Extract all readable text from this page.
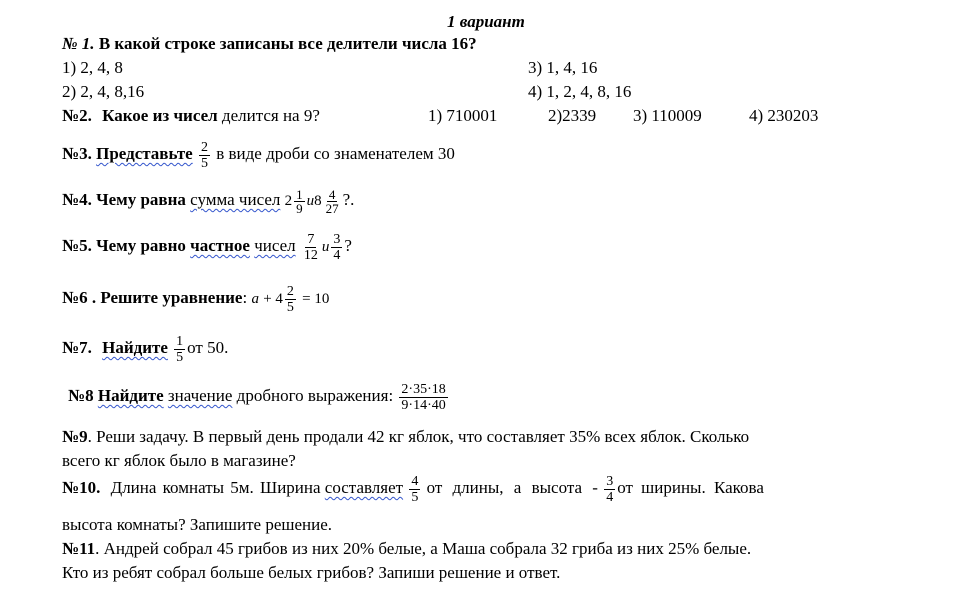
1 вариант
№ 1. В какой строке записаны все делители числа 16?
1) 2, 4, 8	3) 1, 4, 16
2) 2, 4, 8,16	4) 1, 2, 4, 8, 16
№2. Какое из чисел делится на 9?	1) 710001	2)2339 3) 110009	4) 230203
№3. Представьте $\frac{2}{5}$ в виде дроби со знаменателем 30
№4. Чему равна сумма чисел $2 \frac{1}{9}$ и $8 \frac{4}{27}$ ?.
№5. Чему равно частное чисел $\frac{7}{12}$ и $\frac{3}{4}$ ?
№6 . Решите уравнение: $a + 4 \frac{2}{5} = 10$
№7. Найдите $\frac{1}{5}$ от 50.
№8 Найдите значение дробного выражения: $\frac{2\cdot 35\cdot 18}{9\cdot 14\cdot 40}$
№9. Реши задачу. В первый день продали 42 кг яблок, что составляет 35% всех яблок. Сколько
всего кг яблок было в магазине?
№10. Длина комнаты 5м. Ширина составляет $\frac{4}{5}$ от длины, а высота - $\frac{3}{4}$ от ширины. Какова
высота комнаты? Запишите решение.
№11. Андрей собрал 45 грибов из них 20% белые, а Маша собрала 32 гриба из них 25% белые.
Кто из ребят собрал больше белых грибов? Запиши решение и ответ.
